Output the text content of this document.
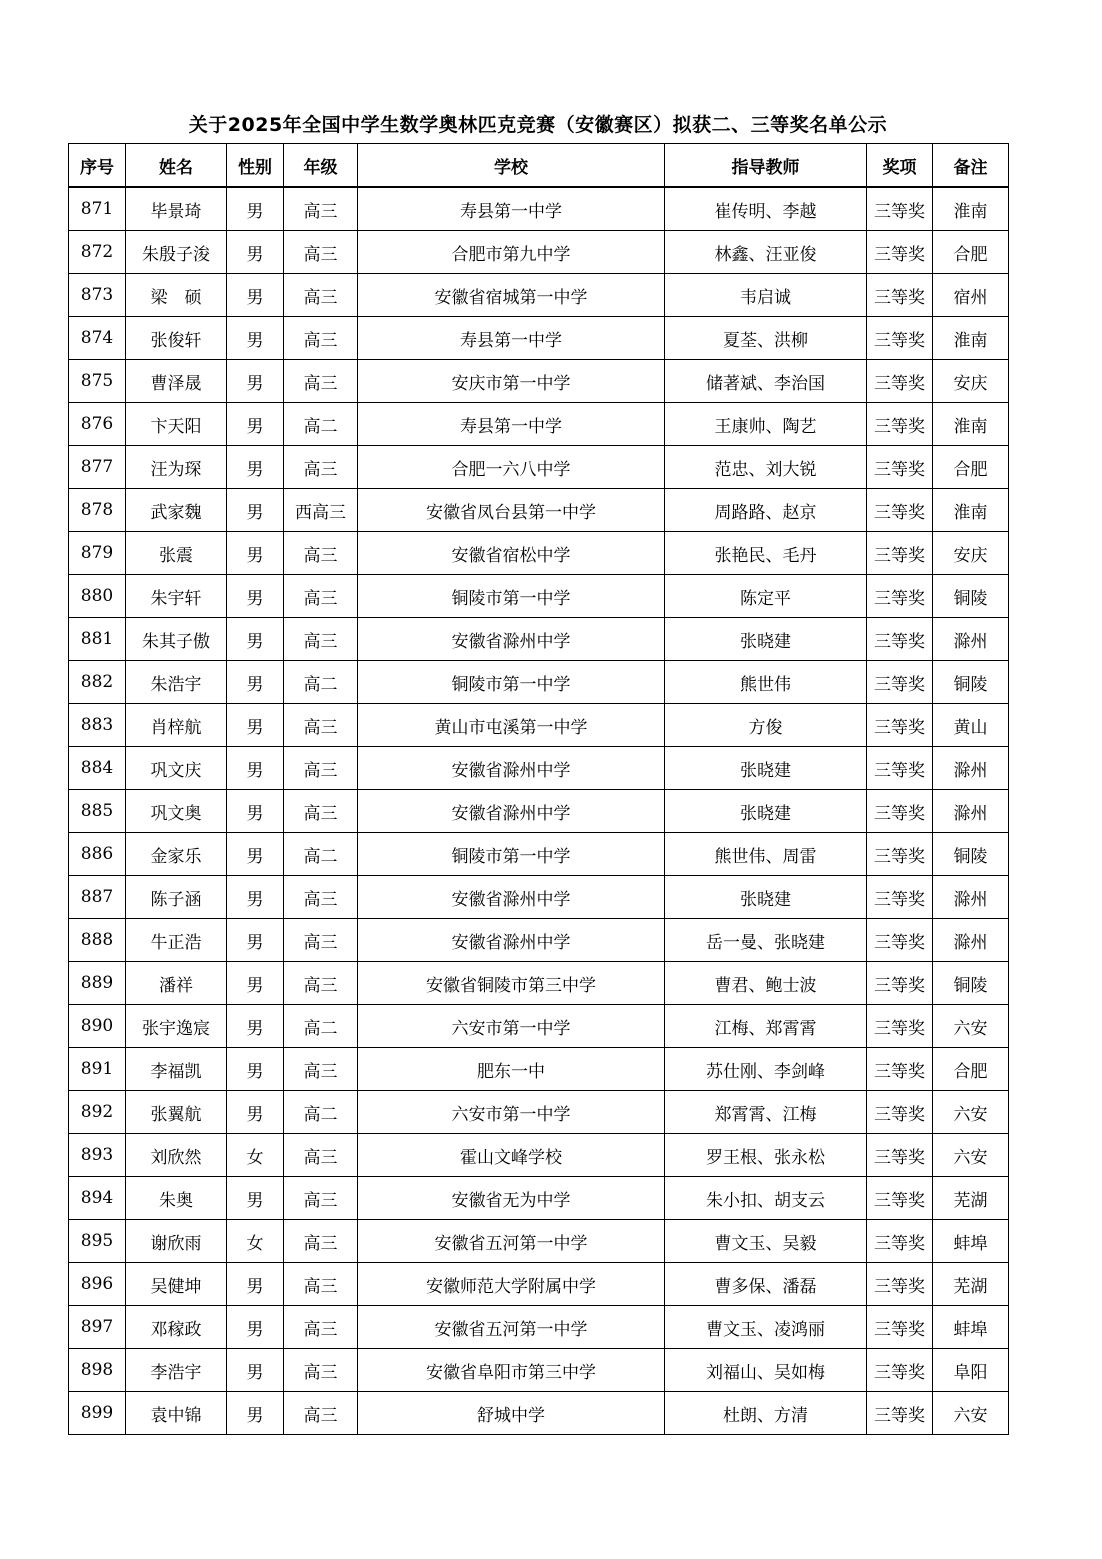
关于2025年全国中学生数学奥林匹克竞赛（安徽赛区）拟获二、三等奖名单公示
序号	姓名	性别	年级	学校	指导教师	奖项	备注
871	毕景琦	男	高三	寿县第一中学	崔传明、李越	三等奖	淮南
872	朱殷子浚	男	高三	合肥市第九中学	林鑫、汪亚俊	三等奖	合肥
873	梁　硕	男	高三	安徽省宿城第一中学	韦启诚	三等奖	宿州
874	张俊轩	男	高三	寿县第一中学	夏荃、洪柳	三等奖	淮南
875	曹泽晟	男	高三	安庆市第一中学	储著斌、李治国	三等奖	安庆
876	卞天阳	男	高二	寿县第一中学	王康帅、陶艺	三等奖	淮南
877	汪为琛	男	高三	合肥一六八中学	范忠、刘大锐	三等奖	合肥
878	武家魏	男	西高三	安徽省凤台县第一中学	周路路、赵京	三等奖	淮南
879	张震	男	高三	安徽省宿松中学	张艳民、毛丹	三等奖	安庆
880	朱宇轩	男	高三	铜陵市第一中学	陈定平	三等奖	铜陵
881	朱其子傲	男	高三	安徽省滁州中学	张晓建	三等奖	滁州
882	朱浩宇	男	高二	铜陵市第一中学	熊世伟	三等奖	铜陵
883	肖梓航	男	高三	黄山市屯溪第一中学	方俊	三等奖	黄山
884	巩文庆	男	高三	安徽省滁州中学	张晓建	三等奖	滁州
885	巩文奥	男	高三	安徽省滁州中学	张晓建	三等奖	滁州
886	金家乐	男	高二	铜陵市第一中学	熊世伟、周雷	三等奖	铜陵
887	陈子涵	男	高三	安徽省滁州中学	张晓建	三等奖	滁州
888	牛正浩	男	高三	安徽省滁州中学	岳一曼、张晓建	三等奖	滁州
889	潘祥	男	高三	安徽省铜陵市第三中学	曹君、鲍士波	三等奖	铜陵
890	张宇逸宸	男	高二	六安市第一中学	江梅、郑霄霄	三等奖	六安
891	李福凯	男	高三	肥东一中	苏仕刚、李剑峰	三等奖	合肥
892	张翼航	男	高二	六安市第一中学	郑霄霄、江梅	三等奖	六安
893	刘欣然	女	高三	霍山文峰学校	罗王根、张永松	三等奖	六安
894	朱奥	男	高三	安徽省无为中学	朱小扣、胡支云	三等奖	芜湖
895	谢欣雨	女	高三	安徽省五河第一中学	曹文玉、吴毅	三等奖	蚌埠
896	吴健坤	男	高三	安徽师范大学附属中学	曹多保、潘磊	三等奖	芜湖
897	邓稼政	男	高三	安徽省五河第一中学	曹文玉、凌鸿丽	三等奖	蚌埠
898	李浩宇	男	高三	安徽省阜阳市第三中学	刘福山、吴如梅	三等奖	阜阳
899	袁中锦	男	高三	舒城中学	杜朗、方清	三等奖	六安
